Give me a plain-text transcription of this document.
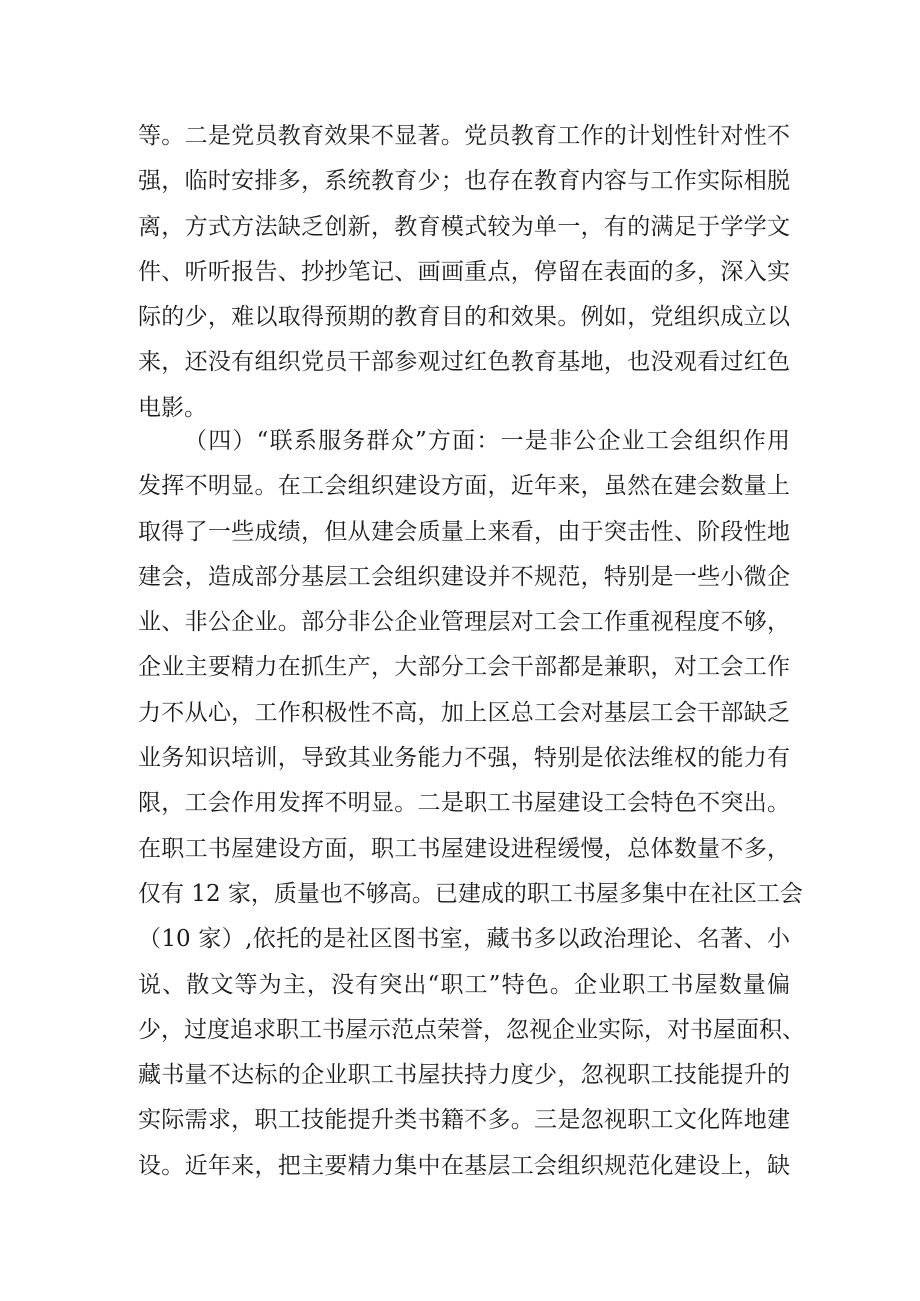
等。二是党员教育效果不显著。党员教育工作的计划性针对性不
强，临时安排多，系统教育少；也存在教育内容与工作实际相脱
离，方式方法缺乏创新，教育模式较为单一，有的满足于学学文
件、听听报告、抄抄笔记、画画重点，停留在表面的多，深入实
际的少，难以取得预期的教育目的和效果。例如，党组织成立以
来，还没有组织党员干部参观过红色教育基地，也没观看过红色
电影。
（四）“联系服务群众”方面：一是非公企业工会组织作用
发挥不明显。在工会组织建设方面，近年来，虽然在建会数量上
取得了一些成绩，但从建会质量上来看，由于突击性、阶段性地
建会，造成部分基层工会组织建设并不规范，特别是一些小微企
业、非公企业。部分非公企业管理层对工会工作重视程度不够，
企业主要精力在抓生产，大部分工会干部都是兼职，对工会工作
力不从心，工作积极性不高，加上区总工会对基层工会干部缺乏
业务知识培训，导致其业务能力不强，特别是依法维权的能力有
限，工会作用发挥不明显。二是职工书屋建设工会特色不突出。
在职工书屋建设方面，职工书屋建设进程缓慢，总体数量不多，
仅有 12 家，质量也不够高。已建成的职工书屋多集中在社区工会
（10 家）,依托的是社区图书室，藏书多以政治理论、名著、小
说、散文等为主，没有突出“职工”特色。企业职工书屋数量偏
少，过度追求职工书屋示范点荣誉，忽视企业实际，对书屋面积、
藏书量不达标的企业职工书屋扶持力度少，忽视职工技能提升的
实际需求，职工技能提升类书籍不多。三是忽视职工文化阵地建
设。近年来，把主要精力集中在基层工会组织规范化建设上，缺
